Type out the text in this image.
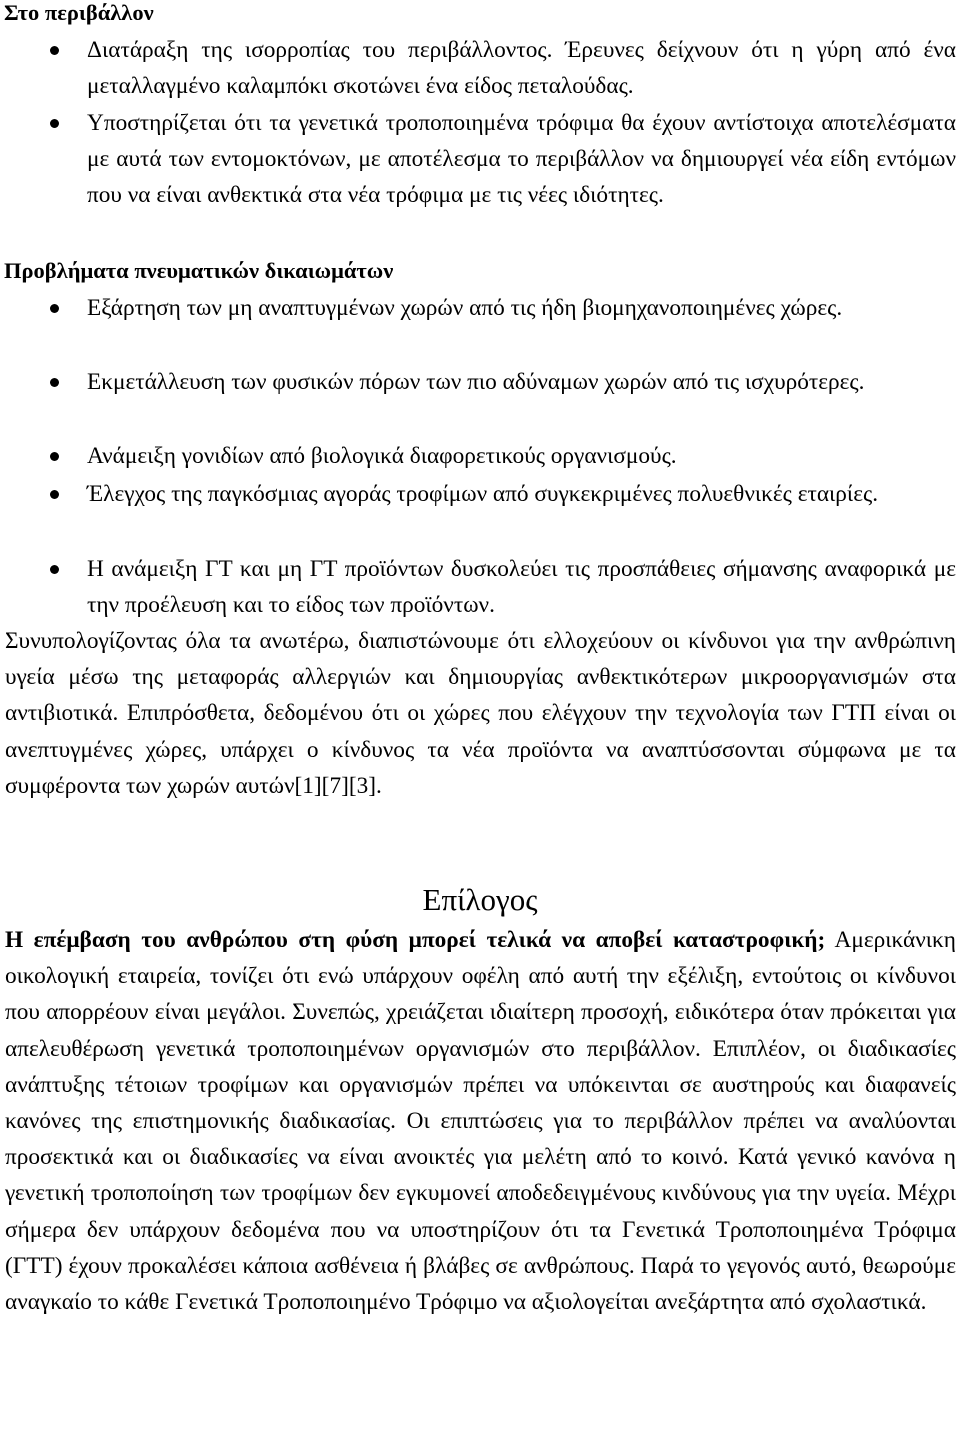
Στο περιβάλλον
Διατάραξη της ισορροπίας του περιβάλλοντος. Έρευνες δείχνουν ότι η γύρη από ένα μεταλλαγμένο καλαμπόκι σκοτώνει ένα είδος πεταλούδας.
Υποστηρίζεται ότι τα γενετικά τροποποιημένα τρόφιμα θα έχουν αντίστοιχα αποτελέσματα με αυτά των εντομοκτόνων, με αποτέλεσμα το περιβάλλον να δημιουργεί νέα είδη εντόμων που να είναι ανθεκτικά στα νέα τρόφιμα με τις νέες ιδιότητες.
Προβλήματα πνευματικών δικαιωμάτων
Εξάρτηση των μη αναπτυγμένων χωρών από τις ήδη βιομηχανοποιημένες χώρες.
Εκμετάλλευση των φυσικών πόρων των πιο αδύναμων χωρών από τις ισχυρότερες.
Ανάμειξη γονιδίων από βιολογικά διαφορετικούς οργανισμούς.
Έλεγχος της παγκόσμιας αγοράς τροφίμων από συγκεκριμένες πολυεθνικές εταιρίες.
Η ανάμειξη ΓΤ και μη ΓΤ προϊόντων δυσκολεύει τις προσπάθειες σήμανσης αναφορικά με την προέλευση και το είδος των προϊόντων.
Συνυπολογίζοντας όλα τα ανωτέρω, διαπιστώνουμε ότι ελλοχεύουν οι κίνδυνοι για την ανθρώπινη υγεία μέσω της μεταφοράς αλλεργιών και δημιουργίας ανθεκτικότερων μικροοργανισμών στα αντιβιοτικά. Επιπρόσθετα, δεδομένου ότι οι χώρες που ελέγχουν την τεχνολογία των ΓΤΠ είναι οι ανεπτυγμένες χώρες, υπάρχει ο κίνδυνος τα νέα προϊόντα να αναπτύσσονται σύμφωνα με τα συμφέροντα των χωρών αυτών[1][7][3].
Επίλογος
Η επέμβαση του ανθρώπου στη φύση μπορεί τελικά να αποβεί καταστροφική; Αμερικάνικη οικολογική εταιρεία, τονίζει ότι ενώ υπάρχουν οφέλη από αυτή την εξέλιξη, εντούτοις οι κίνδυνοι που απορρέουν είναι μεγάλοι. Συνεπώς, χρειάζεται ιδιαίτερη προσοχή, ειδικότερα όταν πρόκειται για απελευθέρωση γενετικά τροποποιημένων οργανισμών στο περιβάλλον. Επιπλέον, οι διαδικασίες ανάπτυξης τέτοιων τροφίμων και οργανισμών πρέπει να υπόκεινται σε αυστηρούς και διαφανείς κανόνες της επιστημονικής διαδικασίας. Οι επιπτώσεις για το περιβάλλον πρέπει να αναλύονται προσεκτικά και οι διαδικασίες να είναι ανοικτές για μελέτη από το κοινό. Κατά γενικό κανόνα η γενετική τροποποίηση των τροφίμων δεν εγκυμονεί αποδεδειγμένους κινδύνους για την υγεία. Μέχρι σήμερα δεν υπάρχουν δεδομένα που να υποστηρίζουν ότι τα Γενετικά Τροποποιημένα Τρόφιμα (ΓΤΤ) έχουν προκαλέσει κάποια ασθένεια ή βλάβες σε ανθρώπους. Παρά το γεγονός αυτό, θεωρούμε αναγκαίο το κάθε Γενετικά Τροποποιημένο Τρόφιμο να αξιολογείται ανεξάρτητα από σχολαστικά.
